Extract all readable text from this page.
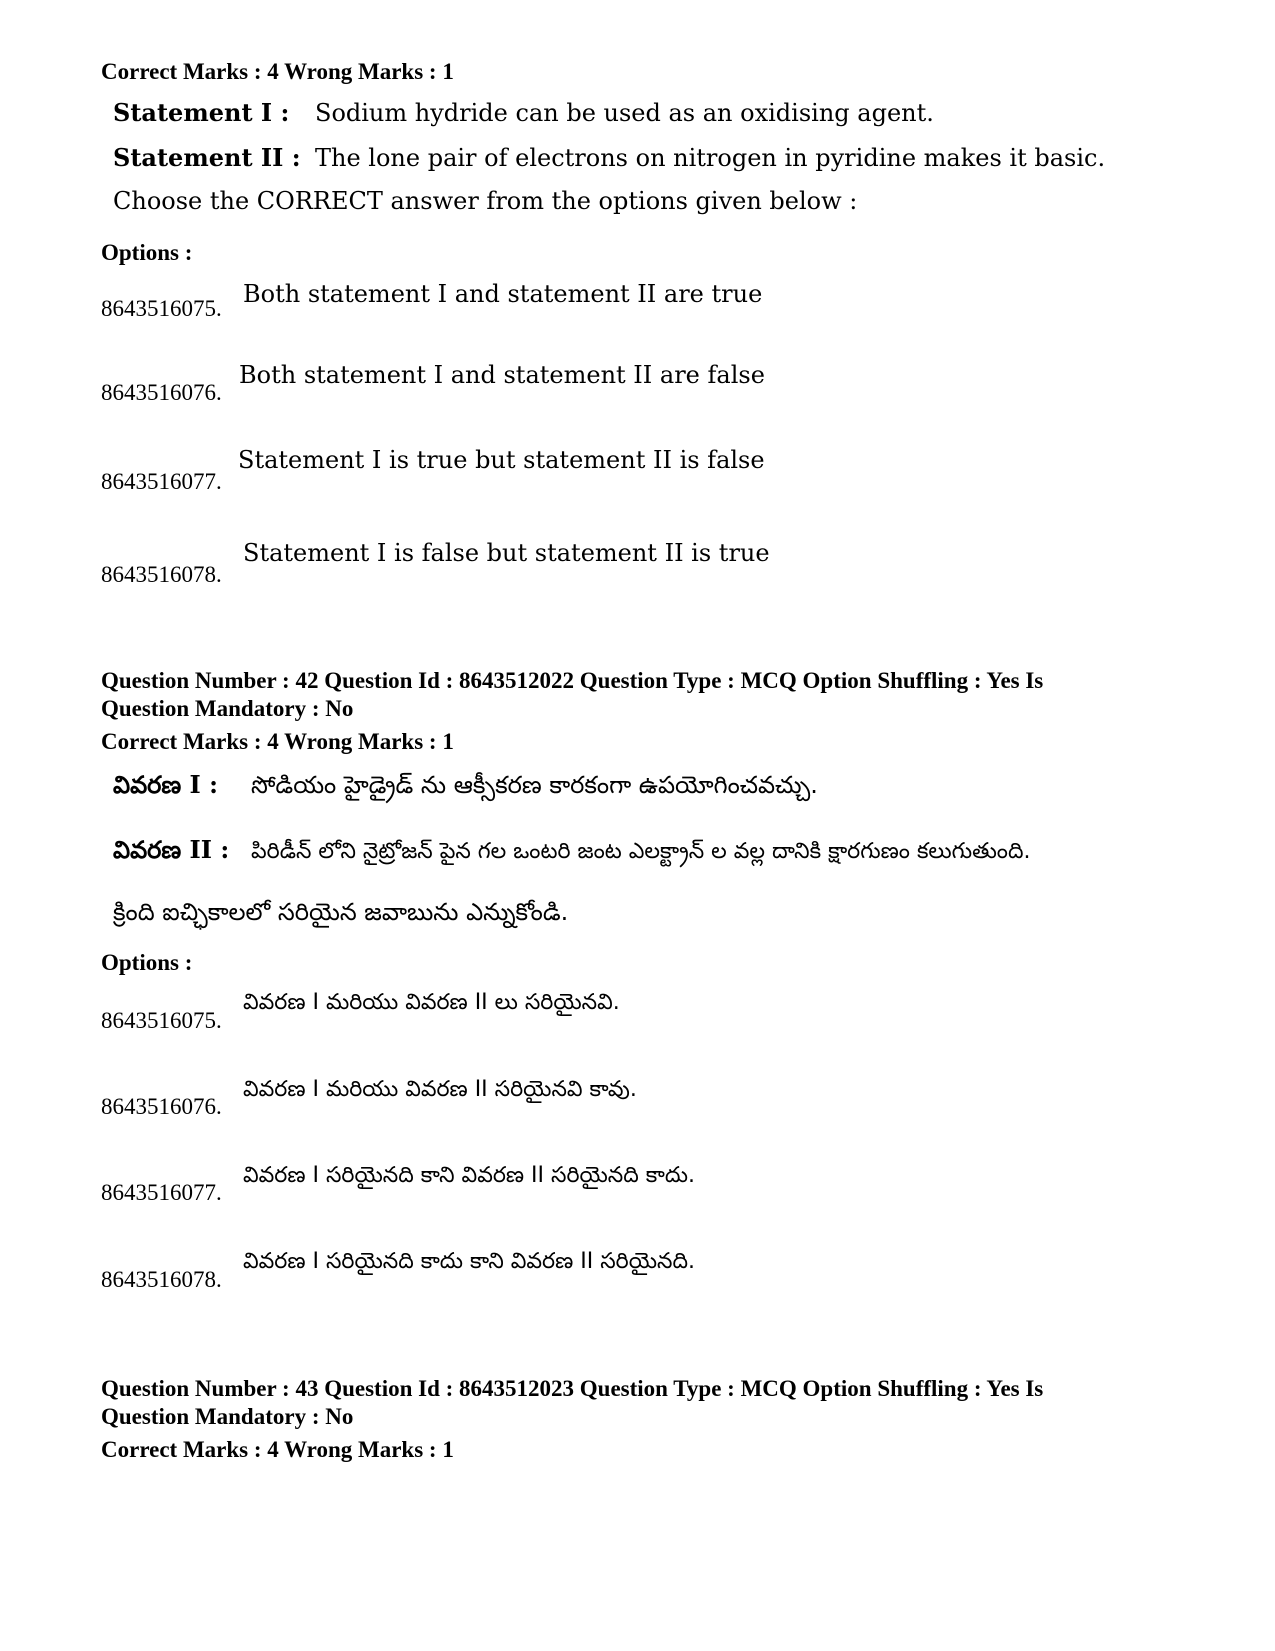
Correct Marks : 4 Wrong Marks : 1
Statement I : Sodium hydride can be used as an oxidising agent.
Statement II : The lone pair of electrons on nitrogen in pyridine makes it basic.
Choose the CORRECT answer from the options given below :
Options :
8643516075.
Both statement I and statement II are true
8643516076.
Both statement I and statement II are false
8643516077.
Statement I is true but statement II is false
8643516078.
Statement I is false but statement II is true
Question Number : 42 Question Id : 8643512022 Question Type : MCQ Option Shuffling : Yes Is
Question Mandatory : No
Correct Marks : 4 Wrong Marks : 1
వివరణ I : సోడియం హైడ్రైడ్ ను ఆక్సీకరణ కారకంగా ఉపయోగించవచ్చు.
వివరణ II : పిరిడీన్ లోని నైట్రోజన్ పైన గల ఒంటరి జంట ఎలక్ట్రాన్ ల వల్ల దానికి క్షారగుణం కలుగుతుంది.
క్రింది ఐచ్ఛికాలలో సరియైన జవాబును ఎన్నుకోండి.
Options :
8643516075.
వివరణ I మరియు వివరణ II లు సరియైనవి.
8643516076.
వివరణ I మరియు వివరణ II సరియైనవి కావు.
8643516077.
వివరణ I సరియైనది కాని వివరణ II సరియైనది కాదు.
8643516078.
వివరణ I సరియైనది కాదు కాని వివరణ II సరియైనది.
Question Number : 43 Question Id : 8643512023 Question Type : MCQ Option Shuffling : Yes Is
Question Mandatory : No
Correct Marks : 4 Wrong Marks : 1
